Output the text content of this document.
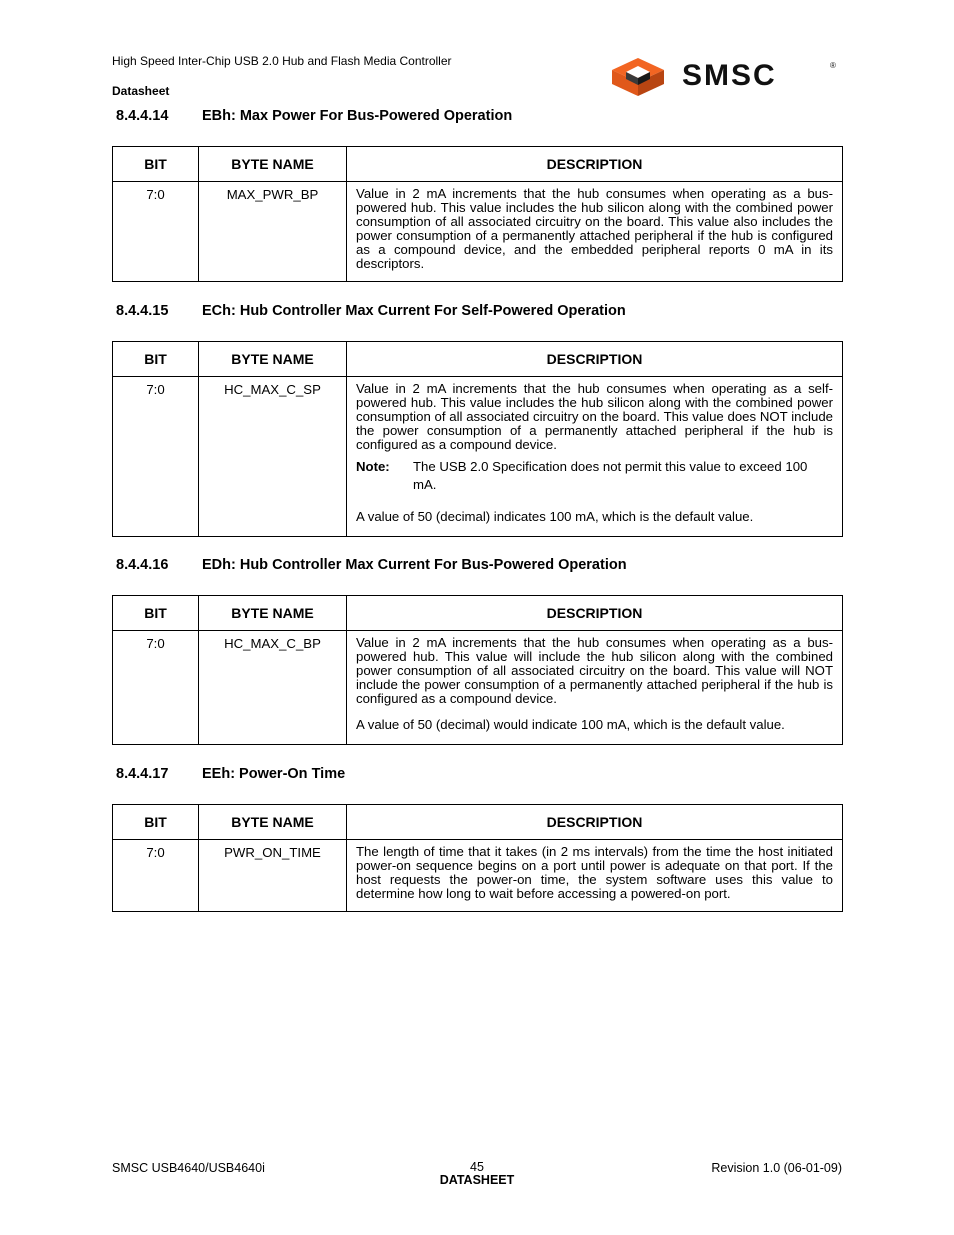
High Speed Inter-Chip USB 2.0 Hub and Flash Media Controller
Datasheet	SMSC	®
8.4.4.14 EBh: Max Power For Bus-Powered Operation
BIT	BYTE NAME	DESCRIPTION
7:0	MAX_PWR_BP	Value in 2 mA increments that the hub consumes when operating as a bus-powered hub. This value includes the hub silicon along with the combined power consumption of all associated circuitry on the board. This value also includes the power consumption of a permanently attached peripheral if the hub is configured as a compound device, and the embedded peripheral reports 0 mA in its descriptors.
8.4.4.15 ECh: Hub Controller Max Current For Self-Powered Operation
BIT	BYTE NAME	DESCRIPTION
7:0	HC_MAX_C_SP	Value in 2 mA increments that the hub consumes when operating as a self-powered hub. This value includes the hub silicon along with the combined power consumption of all associated circuitry on the board. This value does NOT include the power consumption of a permanently attached peripheral if the hub is configured as a compound device.
Note: The USB 2.0 Specification does not permit this value to exceed 100 mA.
A value of 50 (decimal) indicates 100 mA, which is the default value.
8.4.4.16 EDh: Hub Controller Max Current For Bus-Powered Operation
BIT	BYTE NAME	DESCRIPTION
7:0	HC_MAX_C_BP	Value in 2 mA increments that the hub consumes when operating as a bus-powered hub. This value will include the hub silicon along with the combined power consumption of all associated circuitry on the board. This value will NOT include the power consumption of a permanently attached peripheral if the hub is configured as a compound device.
A value of 50 (decimal) would indicate 100 mA, which is the default value.
8.4.4.17 EEh: Power-On Time
BIT	BYTE NAME	DESCRIPTION
7:0	PWR_ON_TIME	The length of time that it takes (in 2 ms intervals) from the time the host initiated power-on sequence begins on a port until power is adequate on that port. If the host requests the power-on time, the system software uses this value to determine how long to wait before accessing a powered-on port.
SMSC USB4640/USB4640i	45
DATASHEET
Revision 1.0 (06-01-09)
